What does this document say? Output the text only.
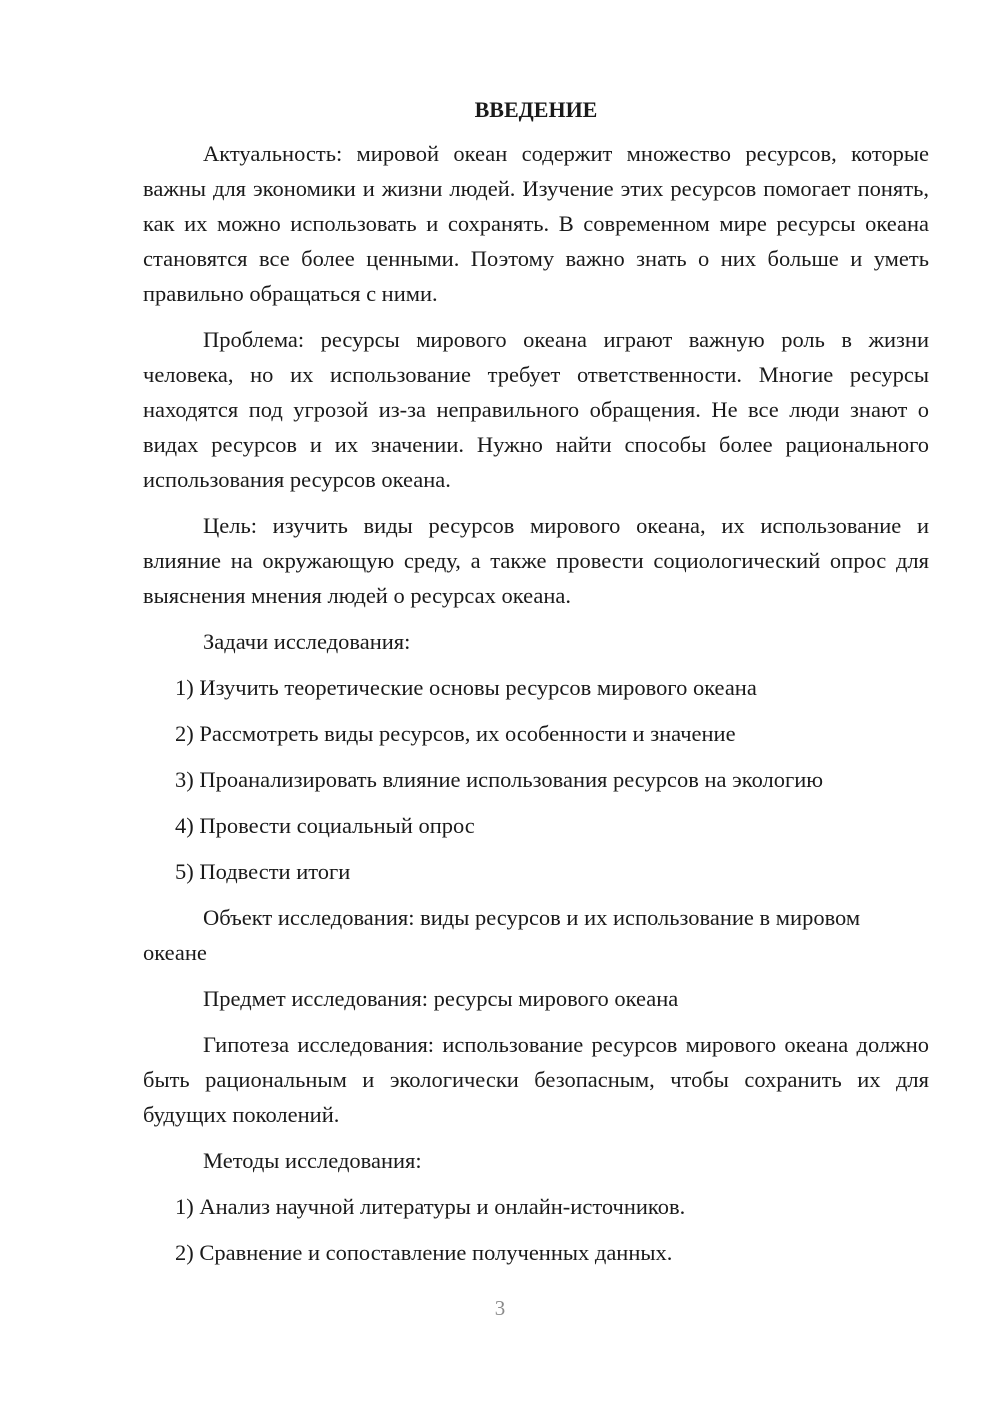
ВВЕДЕНИЕ

Актуальность: мировой океан содержит множество ресурсов, которые важны для экономики и жизни людей. Изучение этих ресурсов помогает понять, как их можно использовать и сохранять. В современном мире ресурсы океана становятся все более ценными. Поэтому важно знать о них больше и уметь правильно обращаться с ними.

Проблема: ресурсы мирового океана играют важную роль в жизни человека, но их использование требует ответственности. Многие ресурсы находятся под угрозой из-за неправильного обращения. Не все люди знают о видах ресурсов и их значении. Нужно найти способы более рационального использования ресурсов океана.

Цель: изучить виды ресурсов мирового океана, их использование и влияние на окружающую среду, а также провести социологический опрос для выяснения мнения людей о ресурсах океана.

Задачи исследования:

1) Изучить теоретические основы ресурсов мирового океана

2) Рассмотреть виды ресурсов, их особенности и значение

3) Проанализировать влияние использования ресурсов на экологию

4) Провести социальный опрос

5) Подвести итоги

Объект исследования: виды ресурсов и их использование в мировом океане

Предмет исследования: ресурсы мирового океана

Гипотеза исследования: использование ресурсов мирового океана должно быть рациональным и экологически безопасным, чтобы сохранить их для будущих поколений.

Методы исследования:

1) Анализ научной литературы и онлайн-источников.

2) Сравнение и сопоставление полученных данных.

3
